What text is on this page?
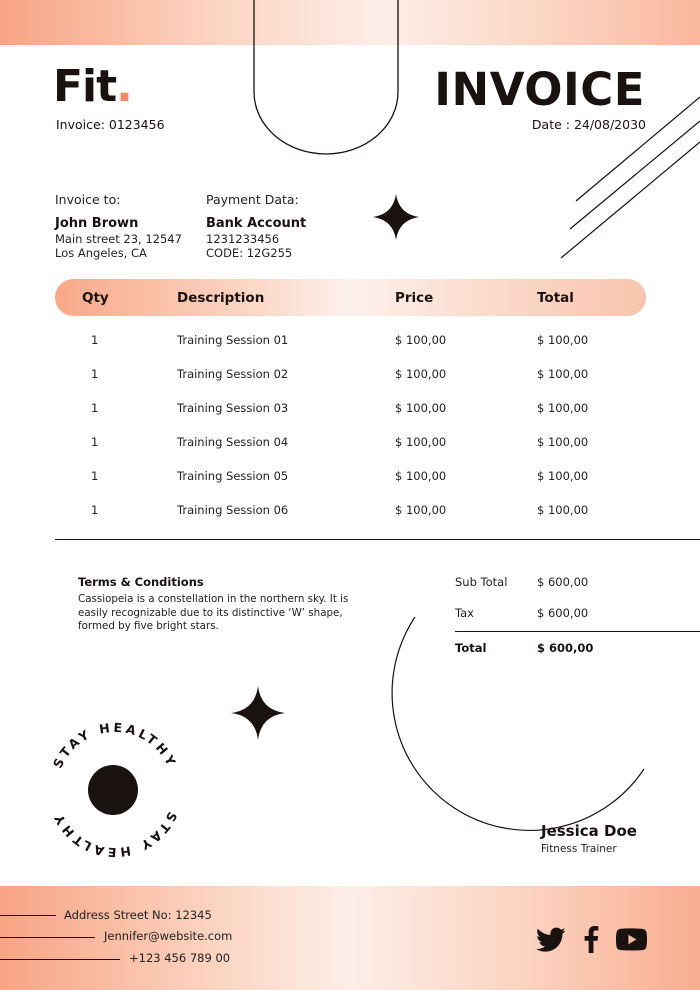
Fit.
Invoice: 0123456
INVOICE
Date : 24/08/2030
Invoice to:
John Brown
Main street 23, 12547
Los Angeles, CA
Payment Data:
Bank Account
1231233456
CODE: 12G255
Qty	Description	Price	Total
1	Training Session 01	$ 100,00	$ 100,00
1	Training Session 02	$ 100,00	$ 100,00
1	Training Session 03	$ 100,00	$ 100,00
1	Training Session 04	$ 100,00	$ 100,00
1	Training Session 05	$ 100,00	$ 100,00
1	Training Session 06	$ 100,00	$ 100,00
Terms & Conditions
Cassiopeia is a constellation in the northern sky. It is easily recognizable due to its distinctive ‘W’ shape, formed by five bright stars.
Sub Total	$ 600,00
Tax	$ 600,00
Total	$ 600,00
STAY HEALTHY
STAY HEALTHY
Jessica Doe
Fitness Trainer
Address Street No: 12345
Jennifer@website.com
+123 456 789 00
